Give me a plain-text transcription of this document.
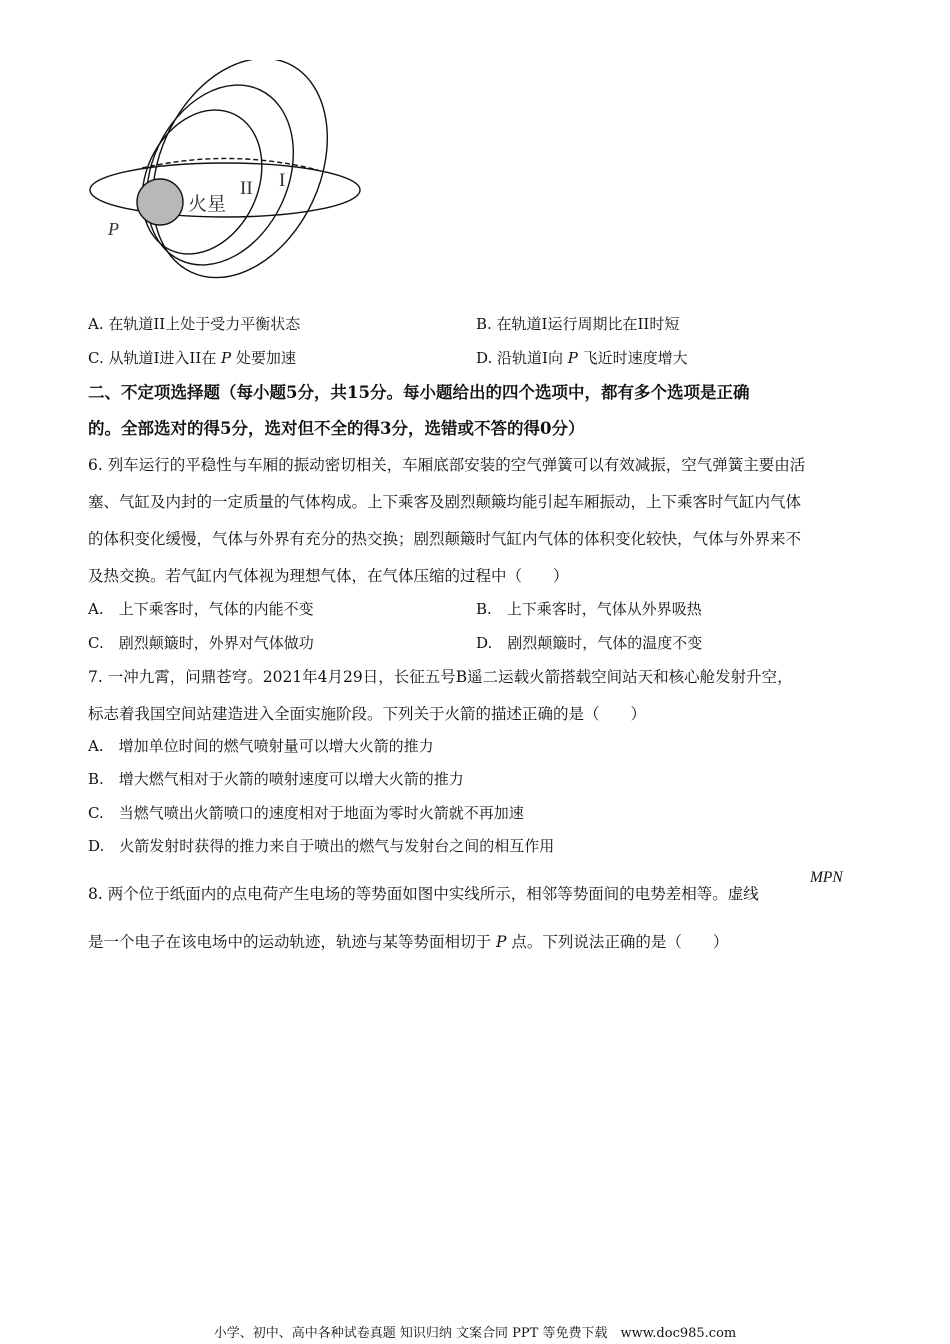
火星
II I
P
A. 在轨道II上处于受力平衡状态	B. 在轨道I运行周期比在II时短
C. 从轨道I进入II在 P 处要加速	D. 沿轨道I向 P 飞近时速度增大
二、不定项选择题（每小题5分，共15分。每小题给出的四个选项中，都有多个选项是正确
的。全部选对的得5分，选对但不全的得3分，选错或不答的得0分）
6. 列车运行的平稳性与车厢的振动密切相关，车厢底部安装的空气弹簧可以有效减振，空气弹簧主要由活
塞、气缸及内封的一定质量的气体构成。上下乘客及剧烈颠簸均能引起车厢振动，上下乘客时气缸内气体
的体积变化缓慢，气体与外界有充分的热交换；剧烈颠簸时气缸内气体的体积变化较快，气体与外界来不
及热交换。若气缸内气体视为理想气体，在气体压缩的过程中（　　）
A.　上下乘客时，气体的内能不变	B.　上下乘客时，气体从外界吸热
C.　剧烈颠簸时，外界对气体做功	D.　剧烈颠簸时，气体的温度不变
7. 一冲九霄，问鼎苍穹。2021年4月29日，长征五号B遥二运载火箭搭载空间站天和核心舱发射升空，
标志着我国空间站建造进入全面实施阶段。下列关于火箭的描述正确的是（　　）
A.　增加单位时间的燃气喷射量可以增大火箭的推力
B.　增大燃气相对于火箭的喷射速度可以增大火箭的推力
C.　当燃气喷出火箭喷口的速度相对于地面为零时火箭就不再加速
D.　火箭发射时获得的推力来自于喷出的燃气与发射台之间的相互作用
8. 两个位于纸面内的点电荷产生电场的等势面如图中实线所示，相邻等势面间的电势差相等。虚线
MPN
是一个电子在该电场中的运动轨迹，轨迹与某等势面相切于 P 点。下列说法正确的是（　　）
小学、初中、高中各种试卷真题 知识归纳 文案合同 PPT 等免费下载　www.doc985.com
